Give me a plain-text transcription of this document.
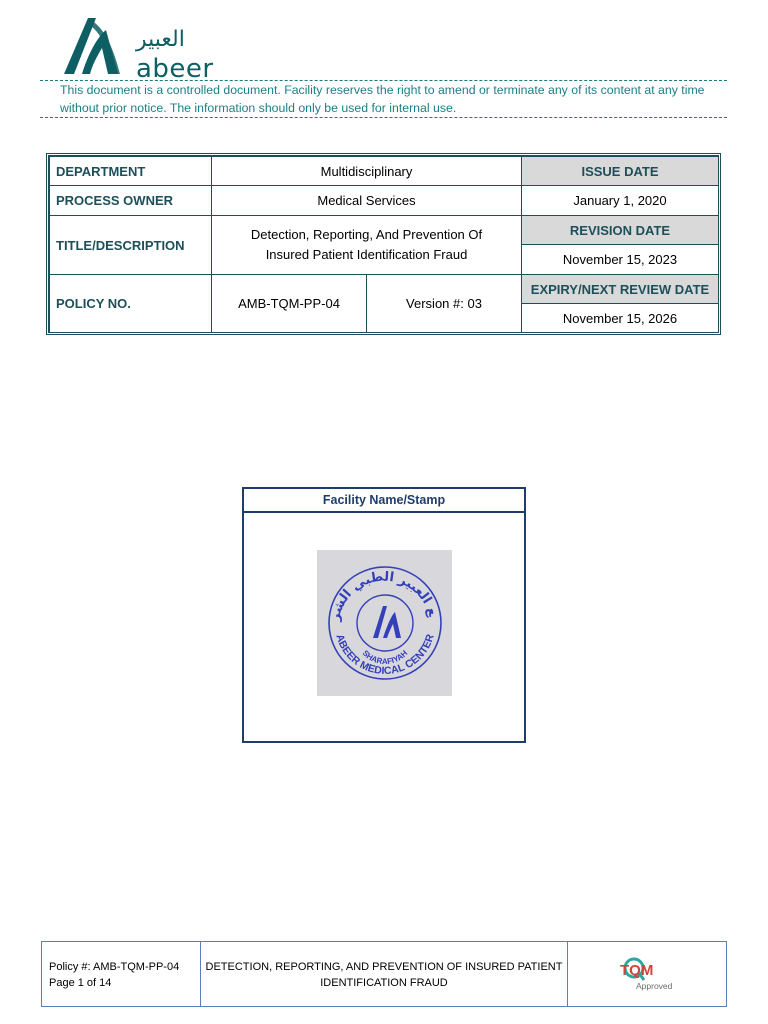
العبير
abeer
This document is a controlled document. Facility reserves the right to amend or terminate any of its content at any time without prior notice. The information should only be used for internal use.
DEPARTMENT	Multidisciplinary		ISSUE DATE
PROCESS OWNER	Medical Services		January 1, 2020
TITLE/DESCRIPTION	Detection, Reporting, And Prevention Of Insured Patient Identification Fraud		REVISION DATE
			November 15, 2023
POLICY NO.	AMB-TQM-PP-04	Version #: 03	EXPIRY/NEXT REVIEW DATE
			November 15, 2026
Facility Name/Stamp
ع العبير الطبي الشر
ABEER MEDICAL CENTER
SHARAFIYAH
Policy #: AMB-TQM-PP-04
Page 1 of 14
DETECTION, REPORTING, AND PREVENTION OF INSURED PATIENT IDENTIFICATION FRAUD
TQM
Approved
